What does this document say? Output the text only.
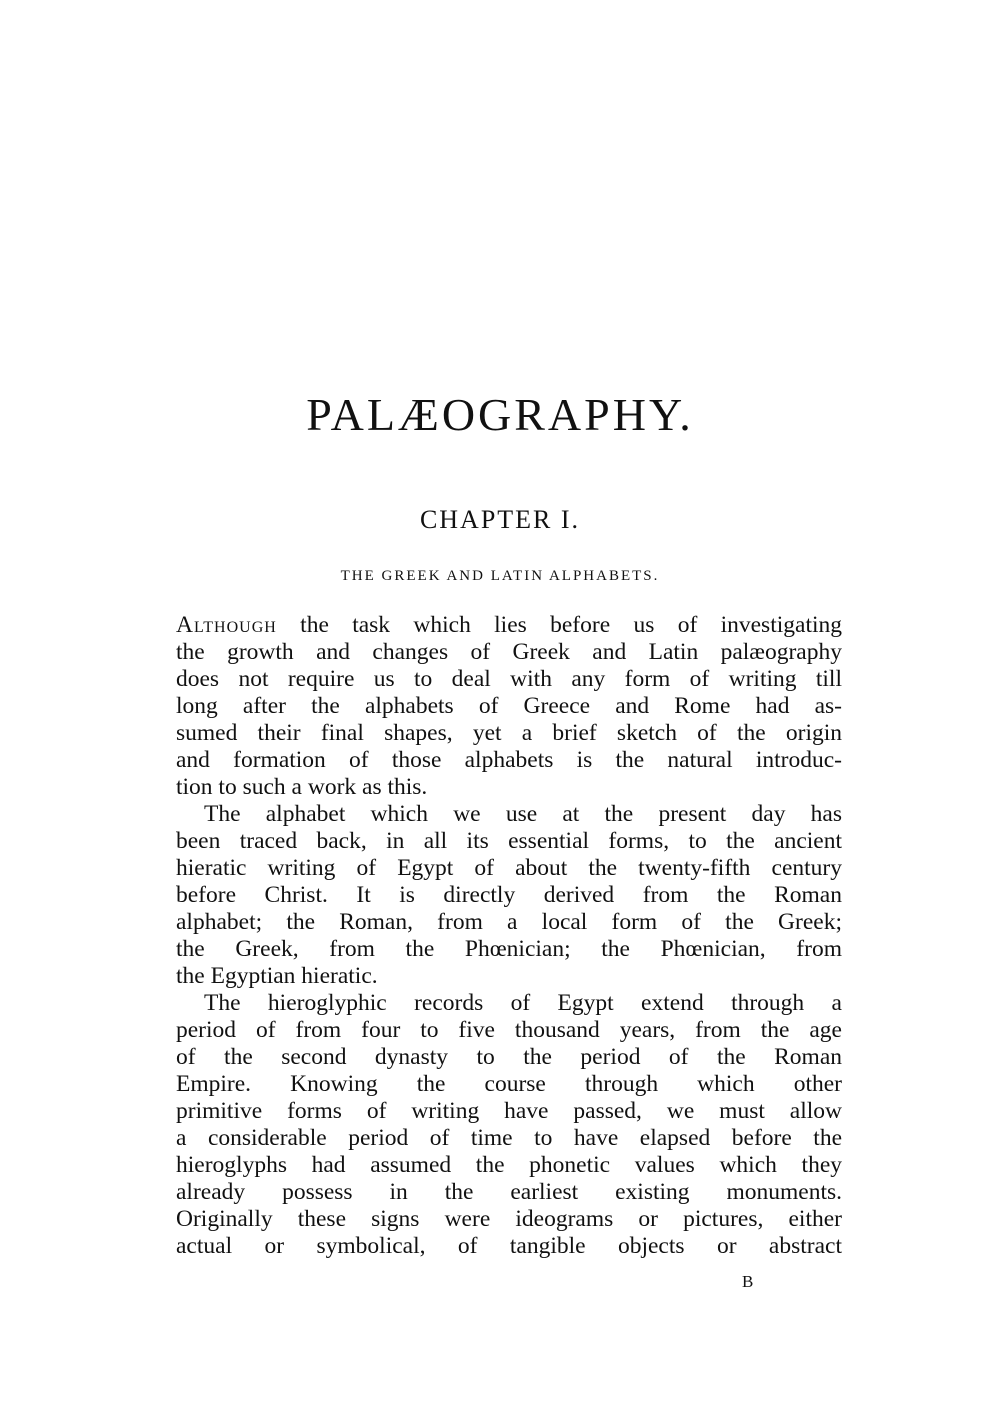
PALÆOGRAPHY.
CHAPTER I.
THE GREEK AND LATIN ALPHABETS.

Although the task which lies before us of investigating
the growth and changes of Greek and Latin palæography
does not require us to deal with any form of writing till
long after the alphabets of Greece and Rome had as-
sumed their final shapes, yet a brief sketch of the origin
and formation of those alphabets is the natural introduc-
tion to such a work as this.

The alphabet which we use at the present day has
been traced back, in all its essential forms, to the ancient
hieratic writing of Egypt of about the twenty-fifth century
before Christ. It is directly derived from the Roman
alphabet; the Roman, from a local form of the Greek;
the Greek, from the Phœnician; the Phœnician, from
the Egyptian hieratic.

The hieroglyphic records of Egypt extend through a
period of from four to five thousand years, from the age
of the second dynasty to the period of the Roman
Empire. Knowing the course through which other
primitive forms of writing have passed, we must allow
a considerable period of time to have elapsed before the
hieroglyphs had assumed the phonetic values which they
already possess in the earliest existing monuments.
Originally these signs were ideograms or pictures, either
actual or symbolical, of tangible objects or abstract

B
